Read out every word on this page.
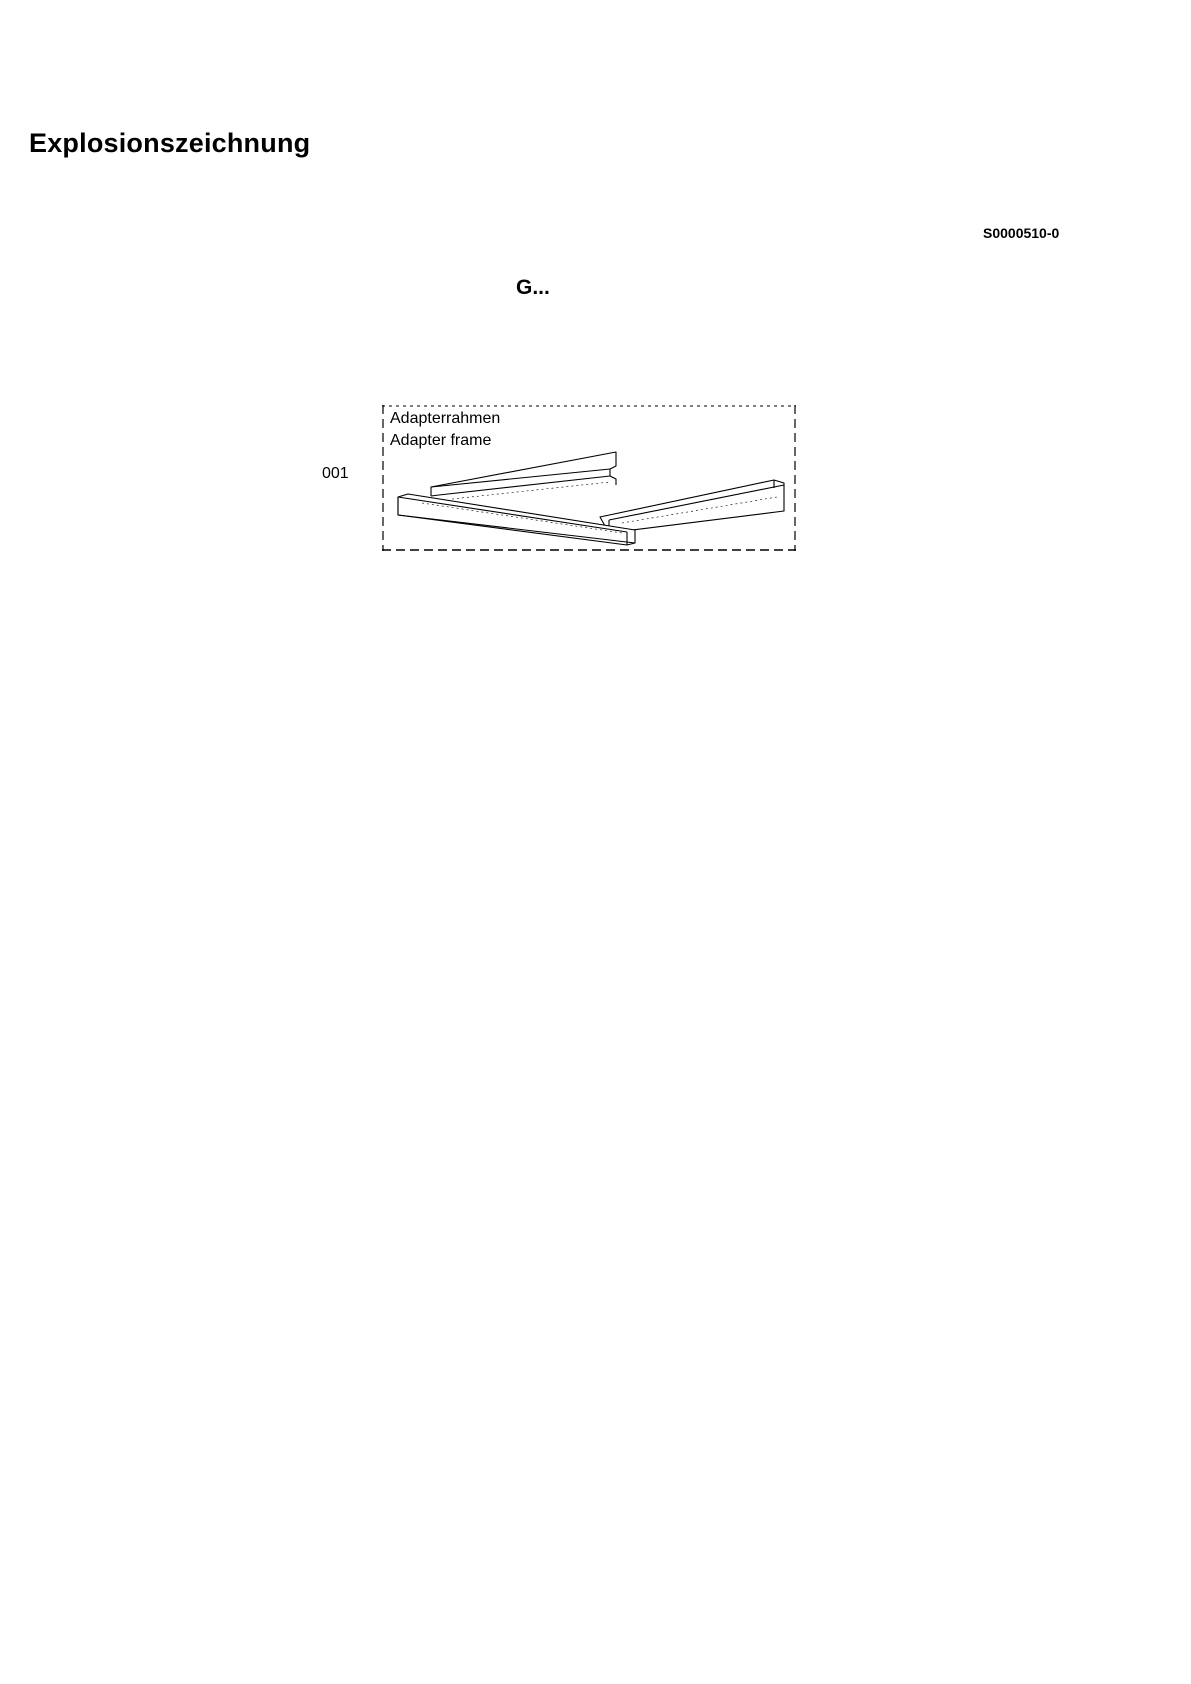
Explosionszeichnung
S0000510-0
G...
001
Adapterrahmen
Adapter frame
